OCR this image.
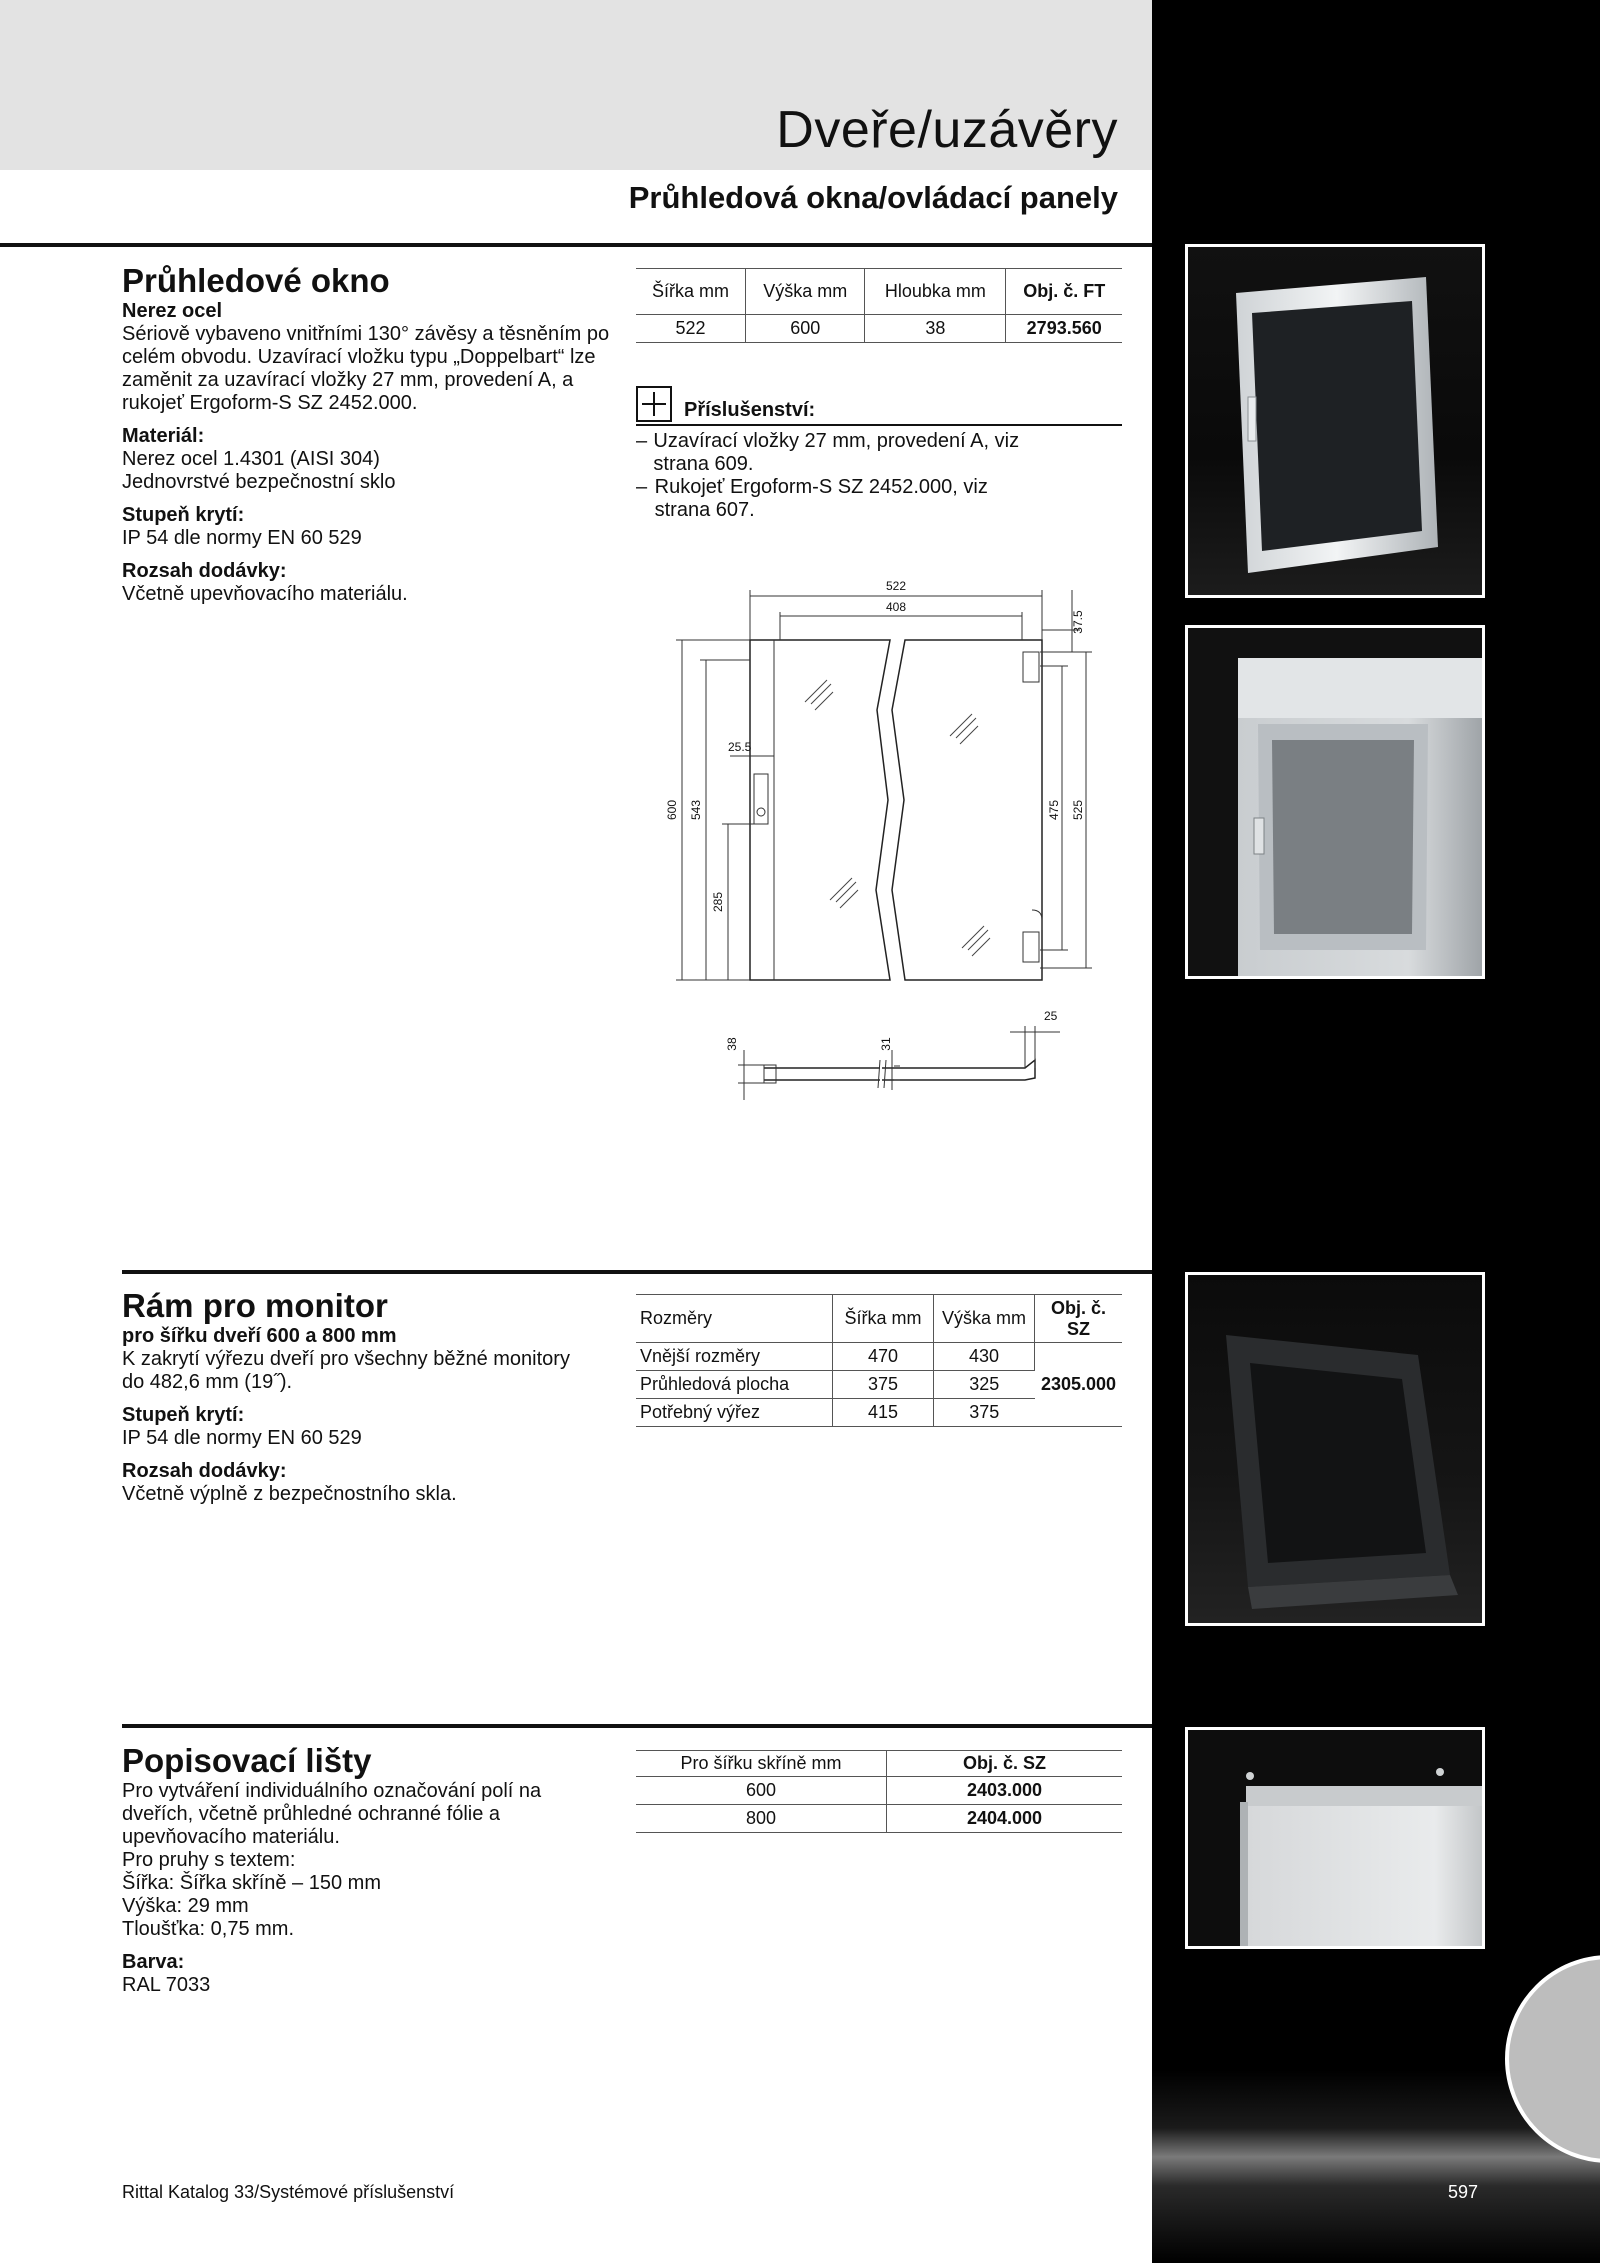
Dveře/uzávěry
Průhledová okna/ovládací panely
Průhledové okno
Nerez ocel
Sériově vybaveno vnitřními 130° závěsy a těsněním po celém obvodu. Uzavírací vložku typu „Doppelbart“ lze zaměnit za uzavírací vložky 27 mm, provedení A, a rukojeť Ergoform-S SZ 2452.000.
Materiál:
Nerez ocel 1.4301 (AISI 304)
Jednovrstvé bezpečnostní sklo
Stupeň krytí:
IP 54 dle normy EN 60 529
Rozsah dodávky:
Včetně upevňovacího materiálu.
Šířka mm	Výška mm	Hloubka mm	Obj. č. FT
522	600	38	2793.560
Příslušenství:
– Uzavírací vložky 27 mm, provedení A, viz strana 609.
– Rukojeť Ergoform-S SZ 2452.000, viz strana 607.
522
408
37.5
25.5
600 543
285
475 525
38	31
25
Rám pro monitor
pro šířku dveří 600 a 800 mm
K zakrytí výřezu dveří pro všechny běžné monitory do 482,6 mm (19˝).
Stupeň krytí:
IP 54 dle normy EN 60 529
Rozsah dodávky:
Včetně výplně z bezpečnostního skla.
Rozměry	Šířka mm	Výška mm	Obj. č. SZ
Vnější rozměry	470	430	2305.000
Průhledová plocha	375	325	
Potřebný výřez	415	375	
Popisovací lišty
Pro vytváření individuálního označování polí na dveřích, včetně průhledné ochranné fólie a upevňovacího materiálu.
Pro pruhy s textem:
Šířka: Šířka skříně – 150 mm
Výška: 29 mm
Tloušťka: 0,75 mm.
Barva:
RAL 7033
Pro šířku skříně mm	Obj. č. SZ
600	2403.000
800	2404.000
Rittal Katalog 33/Systémové příslušenství	597
